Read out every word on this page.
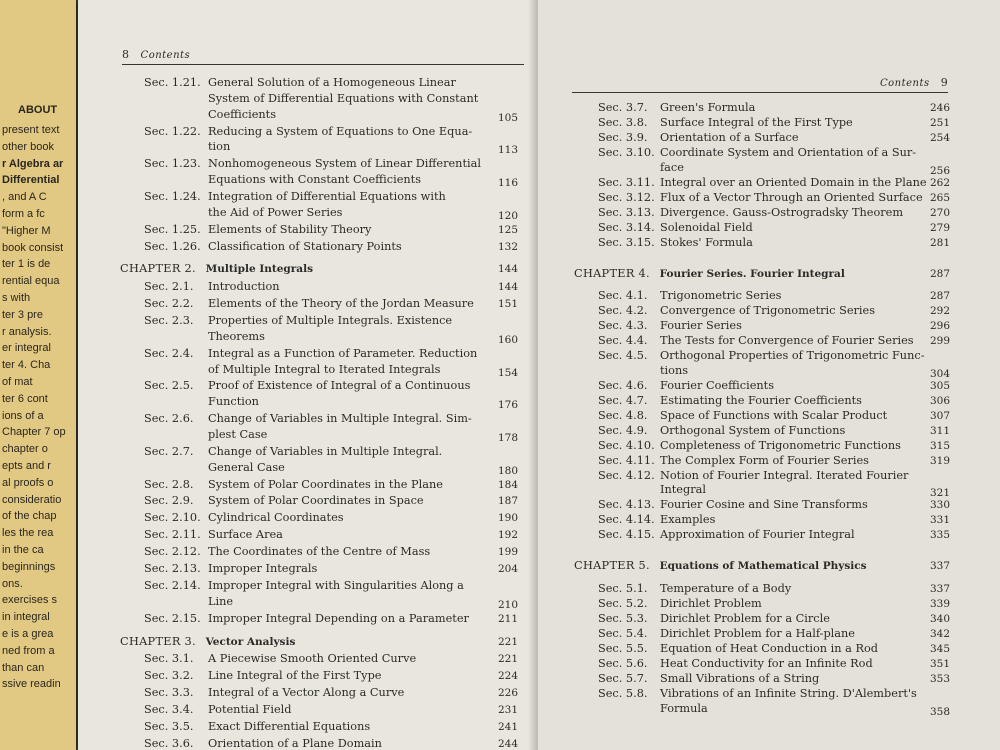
ABOUT
present text
other book
r Algebra ar
Differential
, and A C
form a fc
"Higher M
book consist
ter 1 is de
rential equa
s with
ter 3 pre
r analysis.
er integral
ter 4. Cha
of mat
ter 6 cont
ions of a
Chapter 7 op
chapter o
epts and r
al proofs o
consideratio
of the chap
les the rea
in the ca
beginnings
ons.
exercises s
in integral
e is a grea
ned from a
than can
ssive readin
8 Contents
Sec. 1.21. General Solution of a Homogeneous Linear
System of Differential Equations with Constant
Coefficients	105
Sec. 1.22. Reducing a System of Equations to One Equa-
tion	113
Sec. 1.23. Nonhomogeneous System of Linear Differential
Equations with Constant Coefficients	116
Sec. 1.24. Integration of Differential Equations with
the Aid of Power Series	120
Sec. 1.25. Elements of Stability Theory	125
Sec. 1.26. Classification of Stationary Points	132
CHAPTER 2. Multiple Integrals	144
Sec. 2.1. Introduction	144
Sec. 2.2. Elements of the Theory of the Jordan Measure 151
Sec. 2.3. Properties of Multiple Integrals. Existence
Theorems	160
Sec. 2.4. Integral as a Function of Parameter. Reduction
of Multiple Integral to Iterated Integrals	154
Sec. 2.5. Proof of Existence of Integral of a Continuous
Function	176
Sec. 2.6. Change of Variables in Multiple Integral. Sim-
plest Case	178
Sec. 2.7. Change of Variables in Multiple Integral.
General Case	180
Sec. 2.8. System of Polar Coordinates in the Plane	184
Sec. 2.9. System of Polar Coordinates in Space	187
Sec. 2.10. Cylindrical Coordinates	190
Sec. 2.11. Surface Area	192
Sec. 2.12. The Coordinates of the Centre of Mass	199
Sec. 2.13. Improper Integrals	204
Sec. 2.14. Improper Integral with Singularities Along a
Line	210
Sec. 2.15. Improper Integral Depending on a Parameter	211
CHAPTER 3. Vector Analysis	221
Sec. 3.1. A Piecewise Smooth Oriented Curve	221
Sec. 3.2. Line Integral of the First Type	224
Sec. 3.3. Integral of a Vector Along a Curve	226
Sec. 3.4. Potential Field	231
Sec. 3.5. Exact Differential Equations	241
Sec. 3.6. Orientation of a Plane Domain	244
Contents 9
Sec. 3.7. Green's Formula	246
Sec. 3.8. Surface Integral of the First Type	251
Sec. 3.9. Orientation of a Surface	254
Sec. 3.10. Coordinate System and Orientation of a Sur-
face	256
Sec. 3.11. Integral over an Oriented Domain in the Plane 262
Sec. 3.12. Flux of a Vector Through an Oriented Surface 265
Sec. 3.13. Divergence. Gauss-Ostrogradsky Theorem	270
Sec. 3.14. Solenoidal Field	279
Sec. 3.15. Stokes' Formula	281
CHAPTER 4. Fourier Series. Fourier Integral	287
Sec. 4.1. Trigonometric Series	287
Sec. 4.2. Convergence of Trigonometric Series	292
Sec. 4.3. Fourier Series	296
Sec. 4.4. The Tests for Convergence of Fourier Series 299
Sec. 4.5. Orthogonal Properties of Trigonometric Func-
tions	304
Sec. 4.6. Fourier Coefficients	305
Sec. 4.7. Estimating the Fourier Coefficients	306
Sec. 4.8. Space of Functions with Scalar Product	307
Sec. 4.9. Orthogonal System of Functions	311
Sec. 4.10. Completeness of Trigonometric Functions	315
Sec. 4.11. The Complex Form of Fourier Series	319
Sec. 4.12. Notion of Fourier Integral. Iterated Fourier
Integral	321
Sec. 4.13. Fourier Cosine and Sine Transforms	330
Sec. 4.14. Examples	331
Sec. 4.15. Approximation of Fourier Integral	335
CHAPTER 5. Equations of Mathematical Physics	337
Sec. 5.1. Temperature of a Body	337
Sec. 5.2. Dirichlet Problem	339
Sec. 5.3. Dirichlet Problem for a Circle	340
Sec. 5.4. Dirichlet Problem for a Half-plane	342
Sec. 5.5. Equation of Heat Conduction in a Rod	345
Sec. 5.6. Heat Conductivity for an Infinite Rod	351
Sec. 5.7. Small Vibrations of a String	353
Sec. 5.8. Vibrations of an Infinite String. D'Alembert's
Formula	358
